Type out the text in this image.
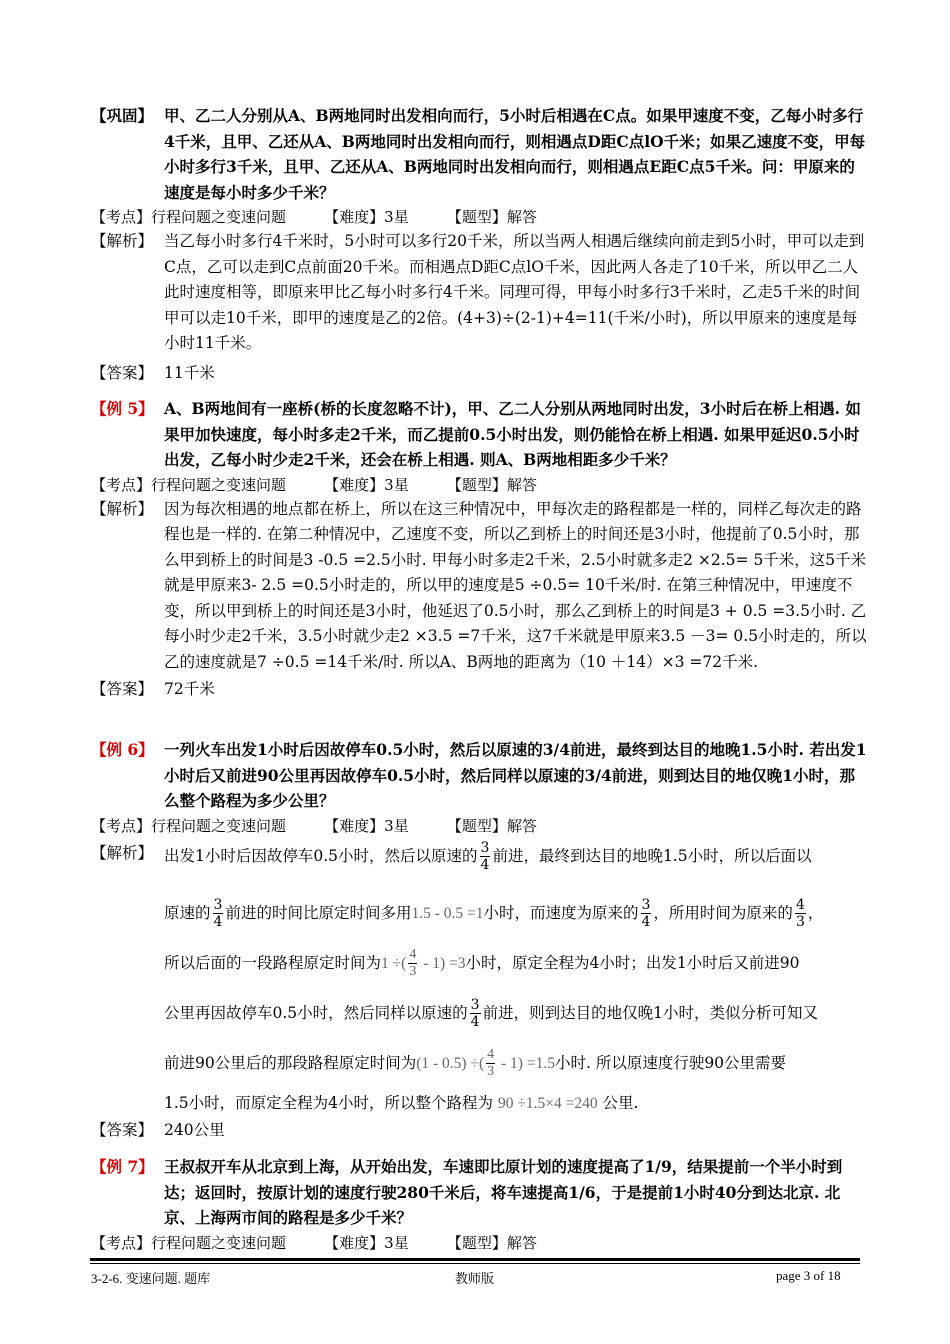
【巩固】 甲、乙二人分别从A、B两地同时出发相向而行，5小时后相遇在C点。如果甲速度不变，乙每小时多行4千米，且甲、乙还从A、B两地同时出发相向而行，则相遇点D距C点lO千米；如果乙速度不变，甲每小时多行3千米，且甲、乙还从A、B两地同时出发相向而行，则相遇点E距C点5千米。问：甲原来的速度是每小时多少千米？
【考点】行程问题之变速问题        【难度】3星        【题型】解答
【解析】 当乙每小时多行4千米时，5小时可以多行20千米，所以当两人相遇后继续向前走到5小时，甲可以走到C点，乙可以走到C点前面20千米。而相遇点D距C点lO千米，因此两人各走了10千米，所以甲乙二人此时速度相等，即原来甲比乙每小时多行4千米。同理可得，甲每小时多行3千米时，乙走5千米的时间甲可以走10千米，即甲的速度是乙的2倍。(4+3)÷(2-1)+4=11(千米/小时)，所以甲原来的速度是每小时11千米。
【答案】 11千米
【例 5】 A、B两地间有一座桥(桥的长度忽略不计)，甲、乙二人分别从两地同时出发，3小时后在桥上相遇. 如果甲加快速度，每小时多走2千米，而乙提前0.5小时出发，则仍能恰在桥上相遇. 如果甲延迟0.5小时出发，乙每小时少走2千米，还会在桥上相遇. 则A、B两地相距多少千米？
【考点】行程问题之变速问题        【难度】3星        【题型】解答
【解析】 因为每次相遇的地点都在桥上，所以在这三种情况中，甲每次走的路程都是一样的，同样乙每次走的路程也是一样的. 在第二种情况中，乙速度不变，所以乙到桥上的时间还是3小时，他提前了0.5小时，那么甲到桥上的时间是3 -0.5 =2.5小时. 甲每小时多走2千米，2.5小时就多走2 ×2.5= 5千米，这5千米就是甲原来3- 2.5 =0.5小时走的，所以甲的速度是5 ÷0.5= 10千米/时. 在第三种情况中，甲速度不变，所以甲到桥上的时间还是3小时，他延迟了0.5小时，那么乙到桥上的时间是3 + 0.5 =3.5小时. 乙每小时少走2千米，3.5小时就少走2 ×3.5 =7千米，这7千米就是甲原来3.5 －3= 0.5小时走的，所以乙的速度就是7 ÷0.5 =14千米/时. 所以A、B两地的距离为（10 ＋14）×3 =72千米.
【答案】 72千米
【例 6】 一列火车出发1小时后因故停车0.5小时，然后以原速的3/4前进，最终到达目的地晚1.5小时. 若出发1小时后又前进90公里再因故停车0.5小时，然后同样以原速的3/4前进，则到达目的地仅晚1小时，那么整个路程为多少公里？
【考点】行程问题之变速问题        【难度】3星        【题型】解答
【解析】 出发1小时后因故停车0.5小时，然后以原速的 $\frac{3}{4}$ 前进，最终到达目的地晚1.5小时，所以后面以
原速的 $\frac{3}{4}$ 前进的时间比原定时间多用1.5 - 0.5 =1小时，而速度为原来的 $\frac{3}{4}$ ，所用时间为原来的 $\frac{4}{3}$ ，
所以后面的一段路程原定时间为1 ÷( $\frac{4}{3} - 1) =3$小时，原定全程为4小时；出发1小时后又前进90
公里再因故停车0.5小时，然后同样以原速的 $\frac{3}{4}$ 前进，则到达目的地仅晚1小时，类似分析可知又
前进90公里后的那段路程原定时间为(1 - 0.5) ÷( $\frac{4}{3} - 1) =1.5$小时. 所以原速度行驶90公里需要
1.5小时，而原定全程为4小时，所以整个路程为 90 ÷1.5×4 =240 公里.
【答案】 240公里
【例 7】 王叔叔开车从北京到上海，从开始出发，车速即比原计划的速度提高了1/9，结果提前一个半小时到达；返回时，按原计划的速度行驶280千米后，将车速提高1/6，于是提前1小时40分到达北京. 北京、上海两市间的路程是多少千米？
【考点】行程问题之变速问题        【难度】3星        【题型】解答
3-2-6. 变速问题. 题库	教师版	page 3 of 18
